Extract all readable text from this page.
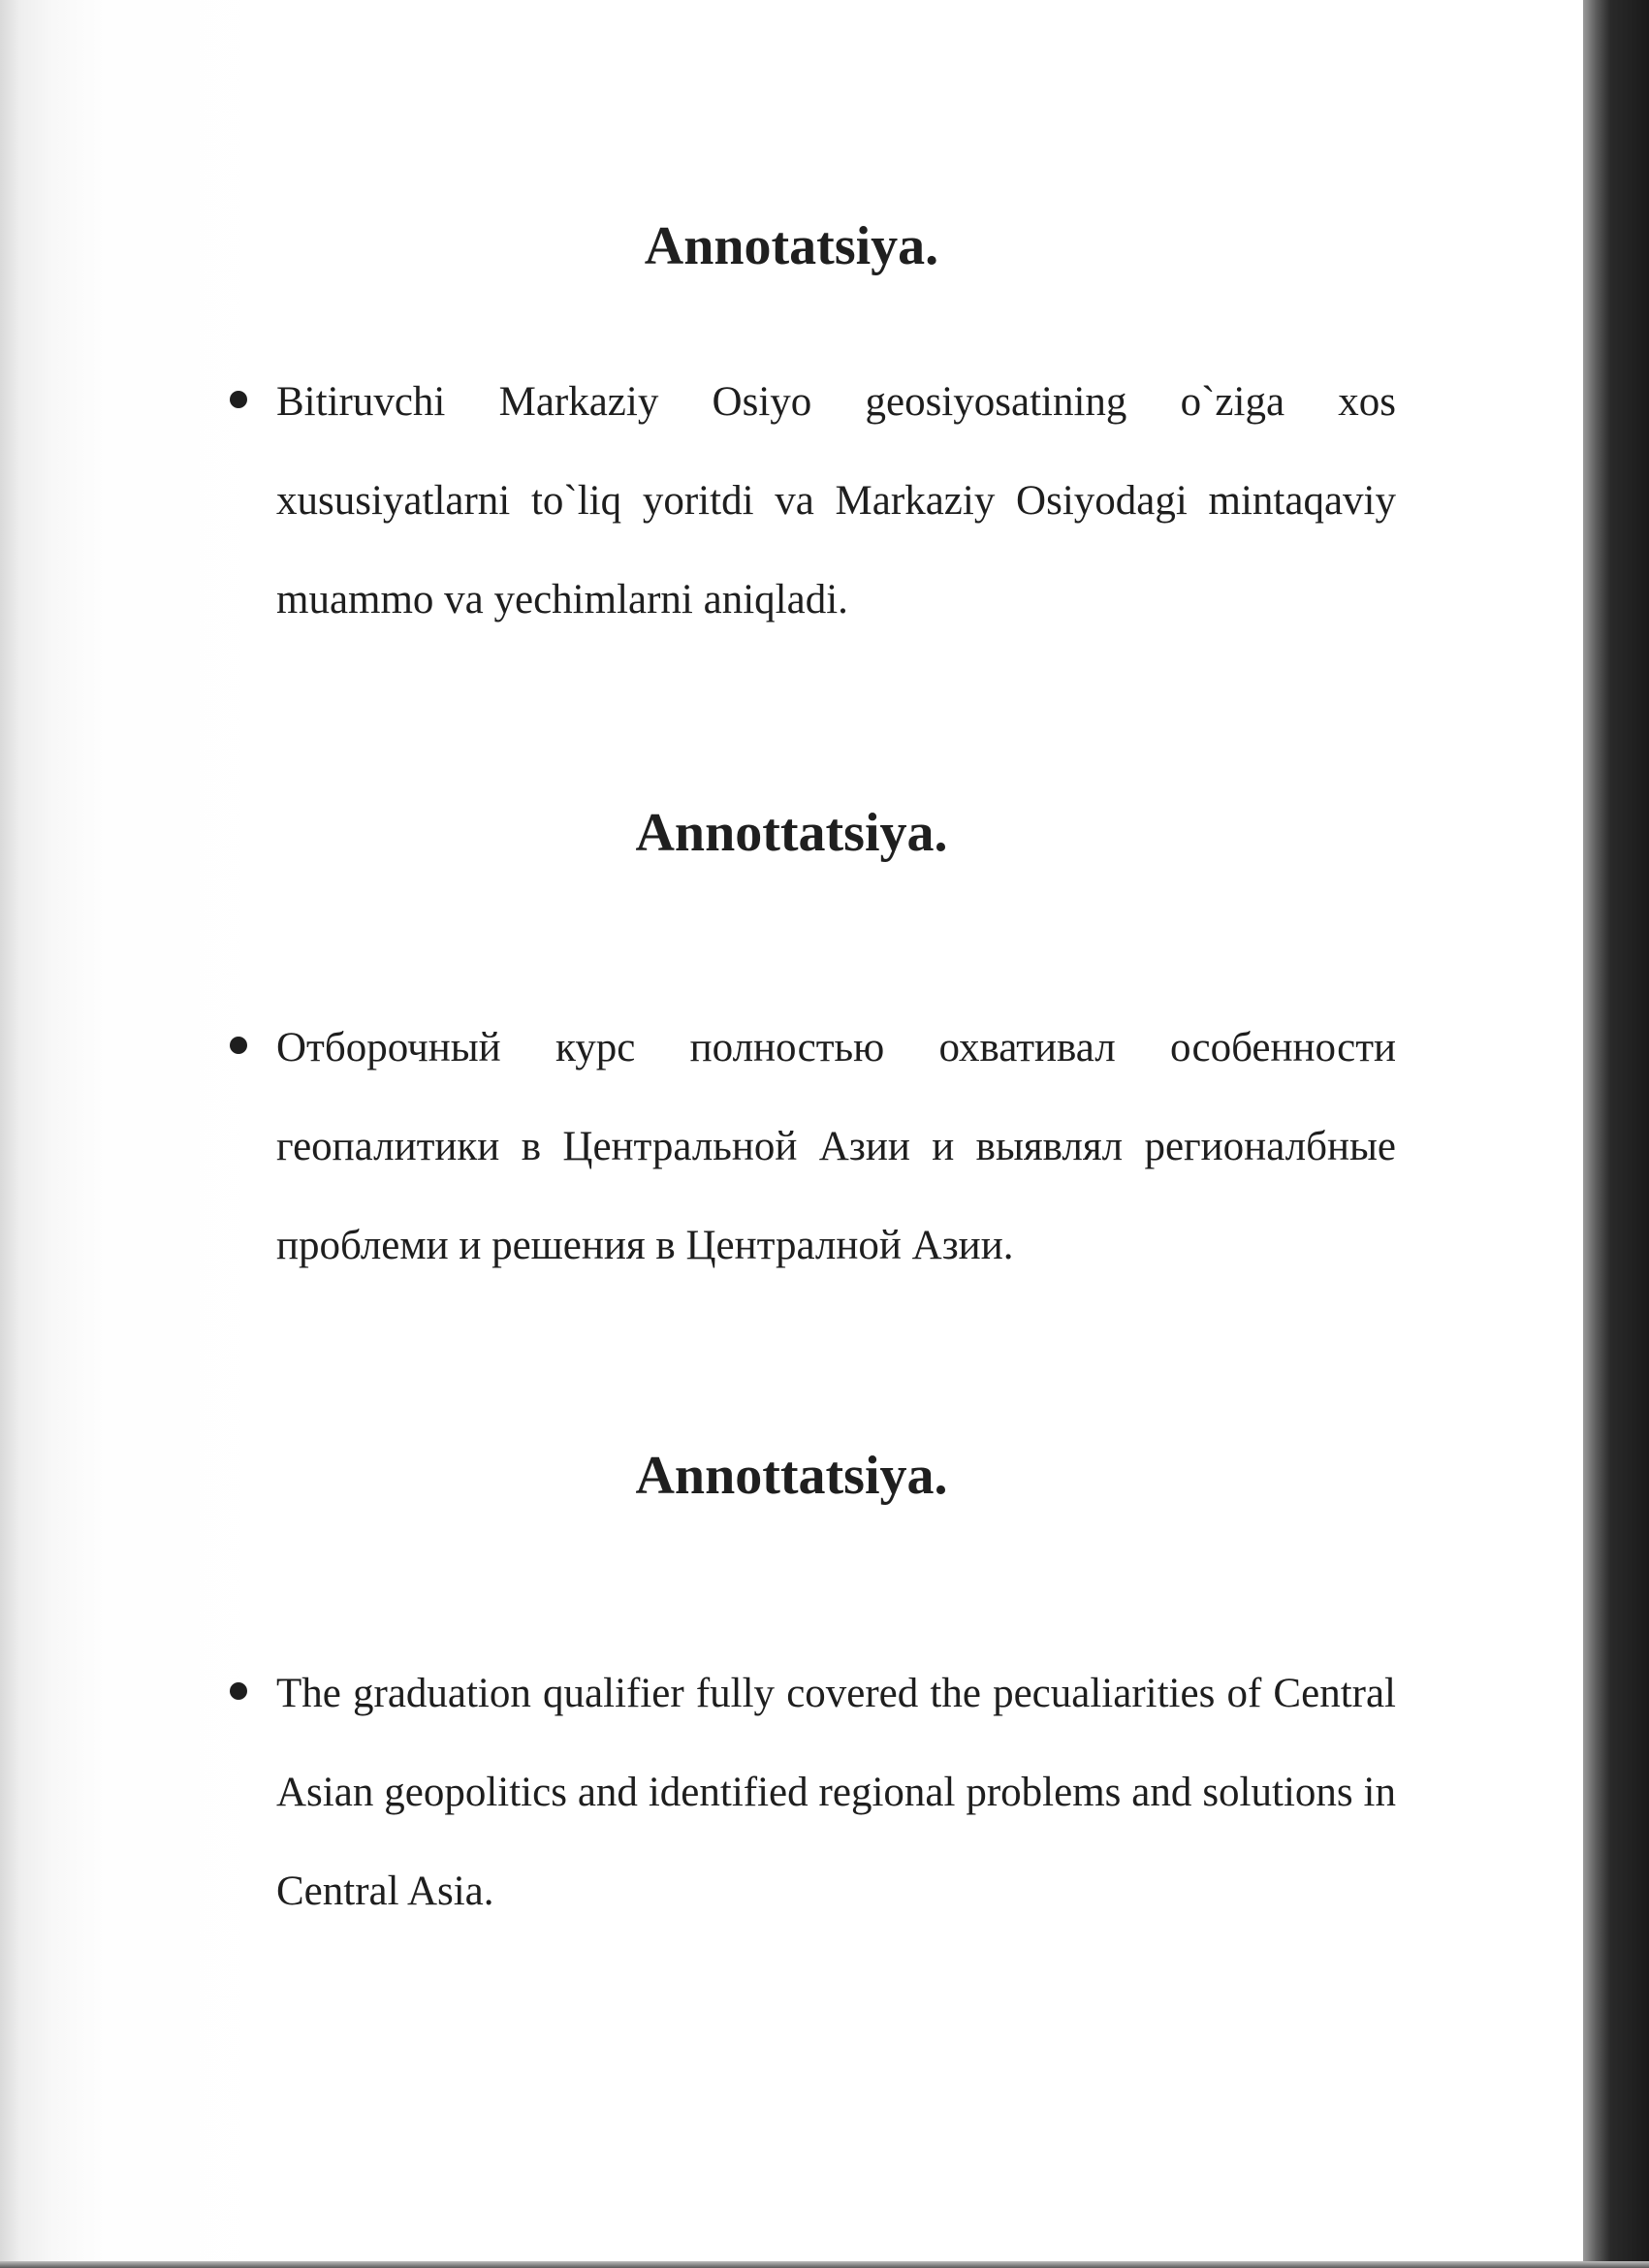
Annotatsiya.
Bitiruvchi Markaziy Osiyo geosiyosatining o`ziga xos xususiyatlarni to`liq yoritdi va Markaziy Osiyodagi mintaqaviy muammo va yechimlarni aniqladi.
Annottatsiya.
Отборочный курс полностью охвативал особенности геопалитики в Центральной Азии и выявлял регионалбные проблеми и решения в Централной Азии.
Annottatsiya.
The graduation qualifier fully covered the pecualiarities of Central Asian geopolitics and identified regional problems and solutions in Central Asia.
